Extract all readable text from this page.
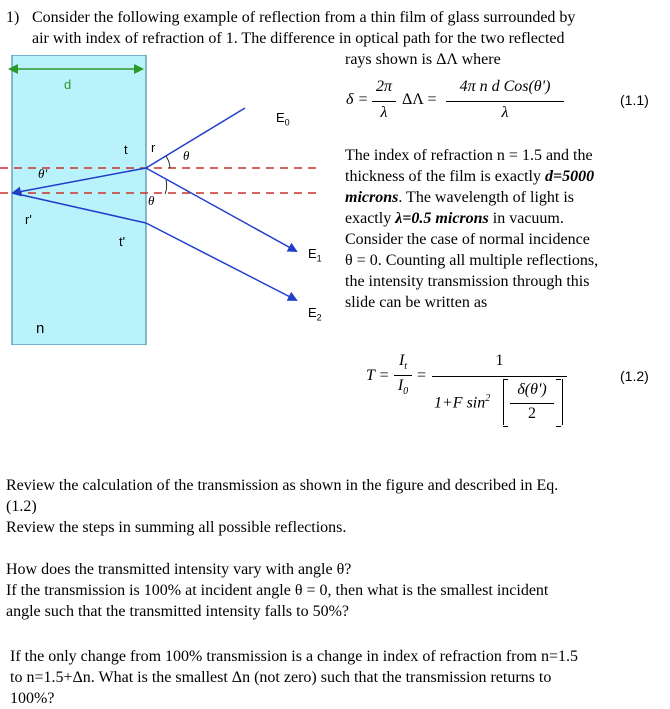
1) Consider the following example of reflection from a thin film of glass surrounded by
air with index of refraction of 1. The difference in optical path for the two reflected
rays shown is ΔΛ where
d
$E_0$
t r
θ
θ'
θ
r'
t'
$E_1$
$E_2$
n
δ =
2π
λ
ΔΛ =
4π n d Cos(θ')
λ
(1.1)
The index of refraction n = 1.5 and the
thickness of the film is exactly d=5000
microns. The wavelength of light is
exactly λ=0.5 microns in vacuum.
Consider the case of normal incidence
θ = 0. Counting all multiple reflections,
the intensity transmission through this
slide can be written as
T =
$I_t$
$I_0$
=
1
1+F $\sin^2$
δ(θ')
2
(1.2)
Review the calculation of the transmission as shown in the figure and described in Eq.
(1.2)
Review the steps in summing all possible reflections.
How does the transmitted intensity vary with angle θ?
If the transmission is 100% at incident angle θ = 0, then what is the smallest incident
angle such that the transmitted intensity falls to 50%?
If the only change from 100% transmission is a change in index of refraction from n=1.5
to n=1.5+Δn. What is the smallest Δn (not zero) such that the transmission returns to
100%?
